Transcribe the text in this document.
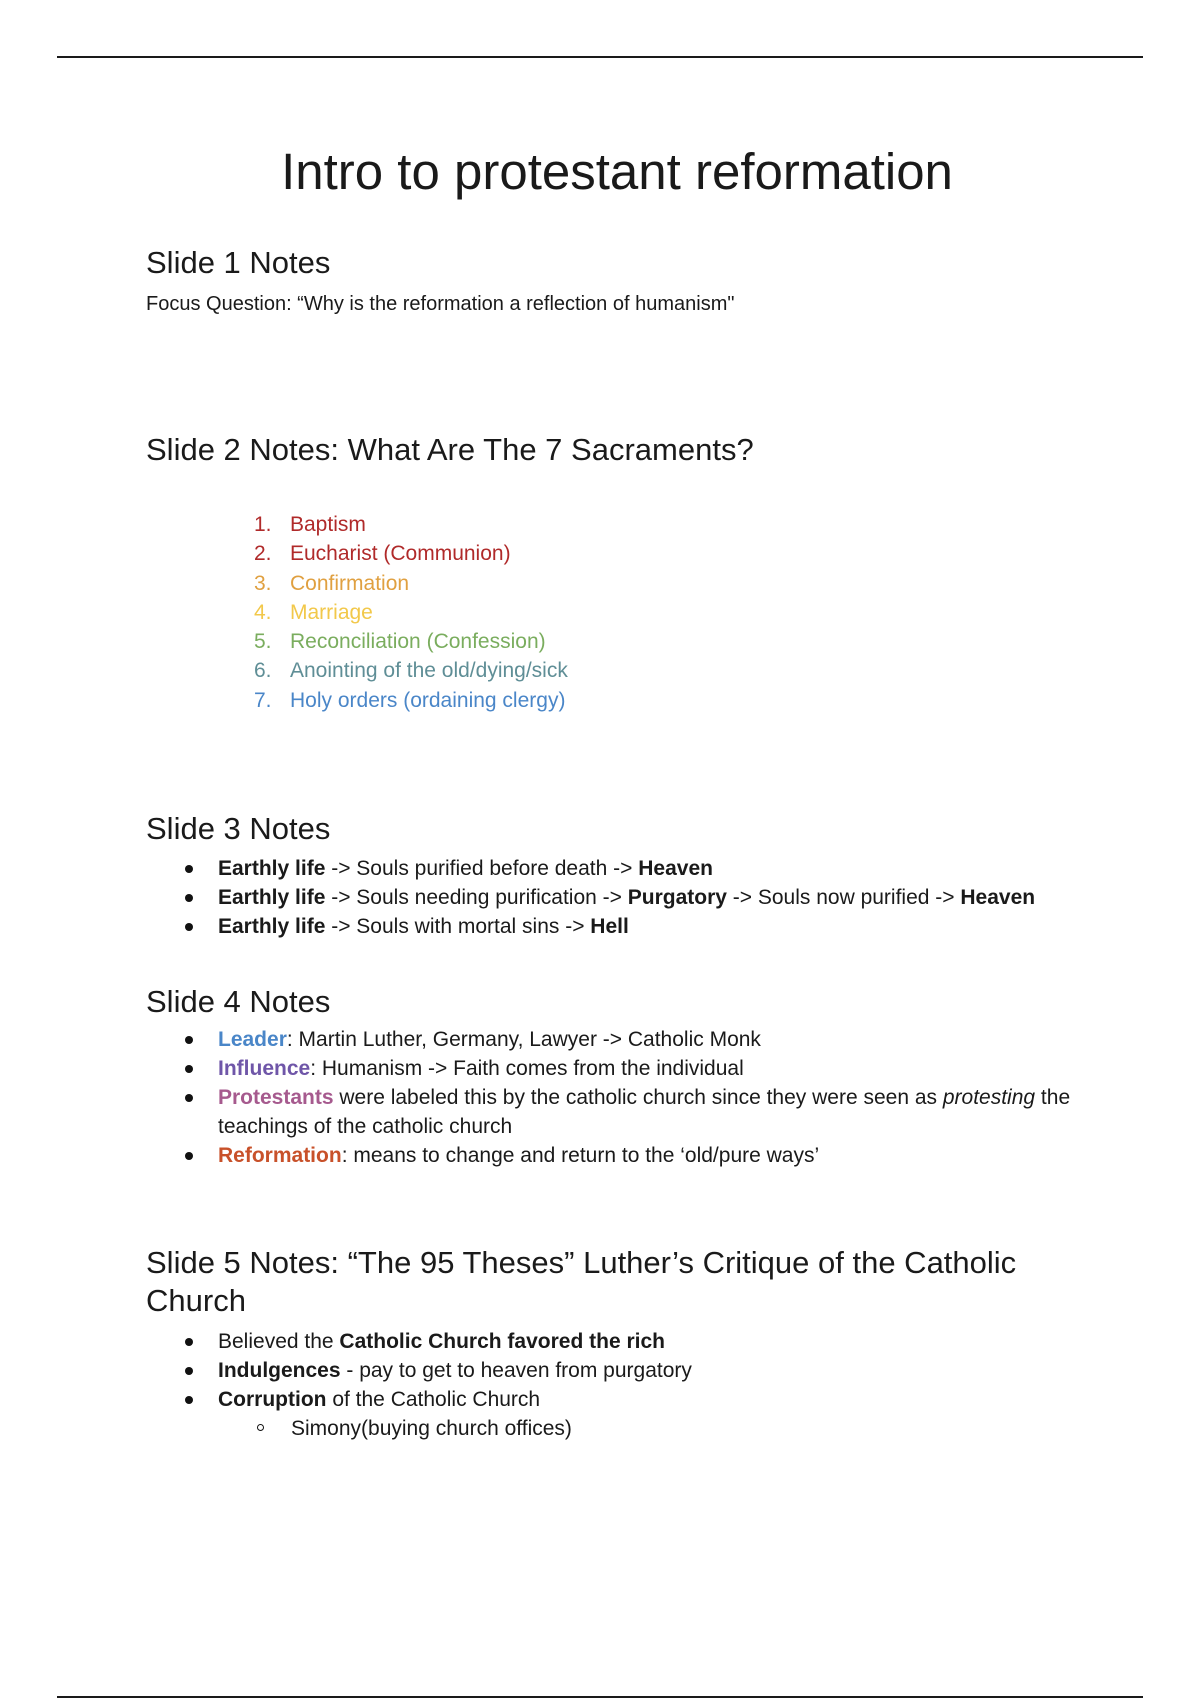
Intro to protestant reformation
Slide 1 Notes

Focus Question: “Why is the reformation a reflection of humanism"

Slide 2 Notes: What Are The 7 Sacraments?
1. Baptism
2. Eucharist (Communion)
3. Confirmation
4. Marriage
5. Reconciliation (Confession)
6. Anointing of the old/dying/sick
7. Holy orders (ordaining clergy)
Slide 3 Notes
Earthly life -> Souls purified before death -> Heaven
Earthly life -> Souls needing purification -> Purgatory -> Souls now purified -> Heaven
Earthly life -> Souls with mortal sins -> Hell
Slide 4 Notes
Leader: Martin Luther, Germany, Lawyer -> Catholic Monk
Influence: Humanism -> Faith comes from the individual
Protestants were labeled this by the catholic church since they were seen as protesting the teachings of the catholic church
Reformation: means to change and return to the ‘old/pure ways’
Slide 5 Notes: “The 95 Theses” Luther’s Critique of the Catholic Church
Believed the Catholic Church favored the rich
Indulgences - pay to get to heaven from purgatory
Corruption of the Catholic Church
Simony(buying church offices)
